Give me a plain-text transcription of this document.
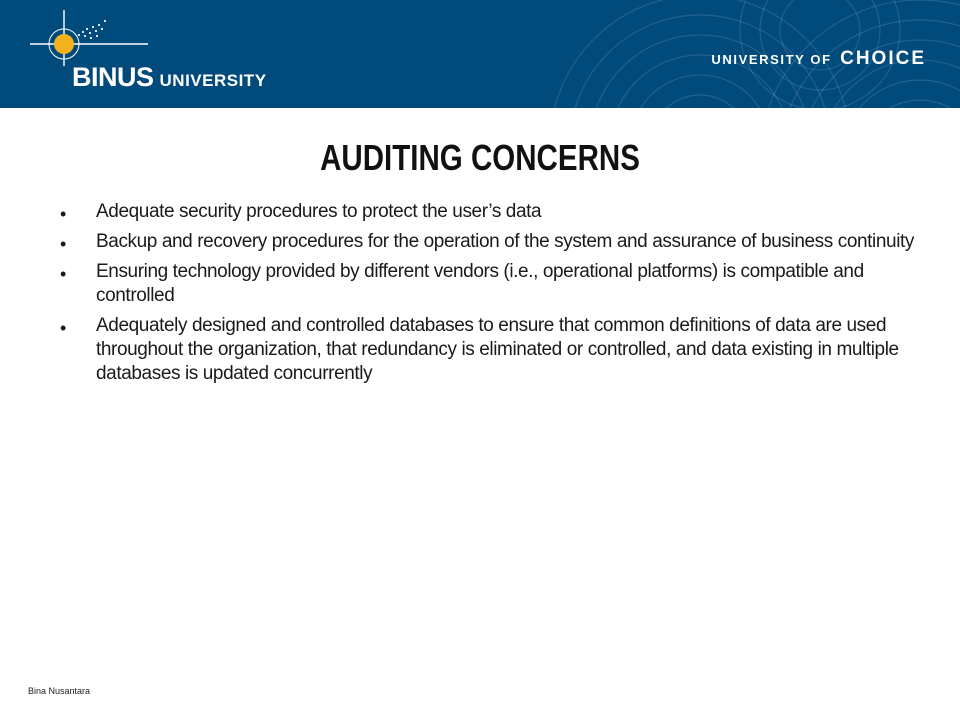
BINUS UNIVERSITY
UNIVERSITY OF CHOICE
AUDITING CONCERNS
• Adequate security procedures to protect the user’s data
• Backup and recovery procedures for the operation of the system and assurance of business continuity
• Ensuring technology provided by different vendors (i.e., operational platforms) is compatible and controlled
• Adequately designed and controlled databases to ensure that common definitions of data are used throughout the organization, that redundancy is eliminated or controlled, and data existing in multiple databases is updated concurrently
Bina Nusantara
